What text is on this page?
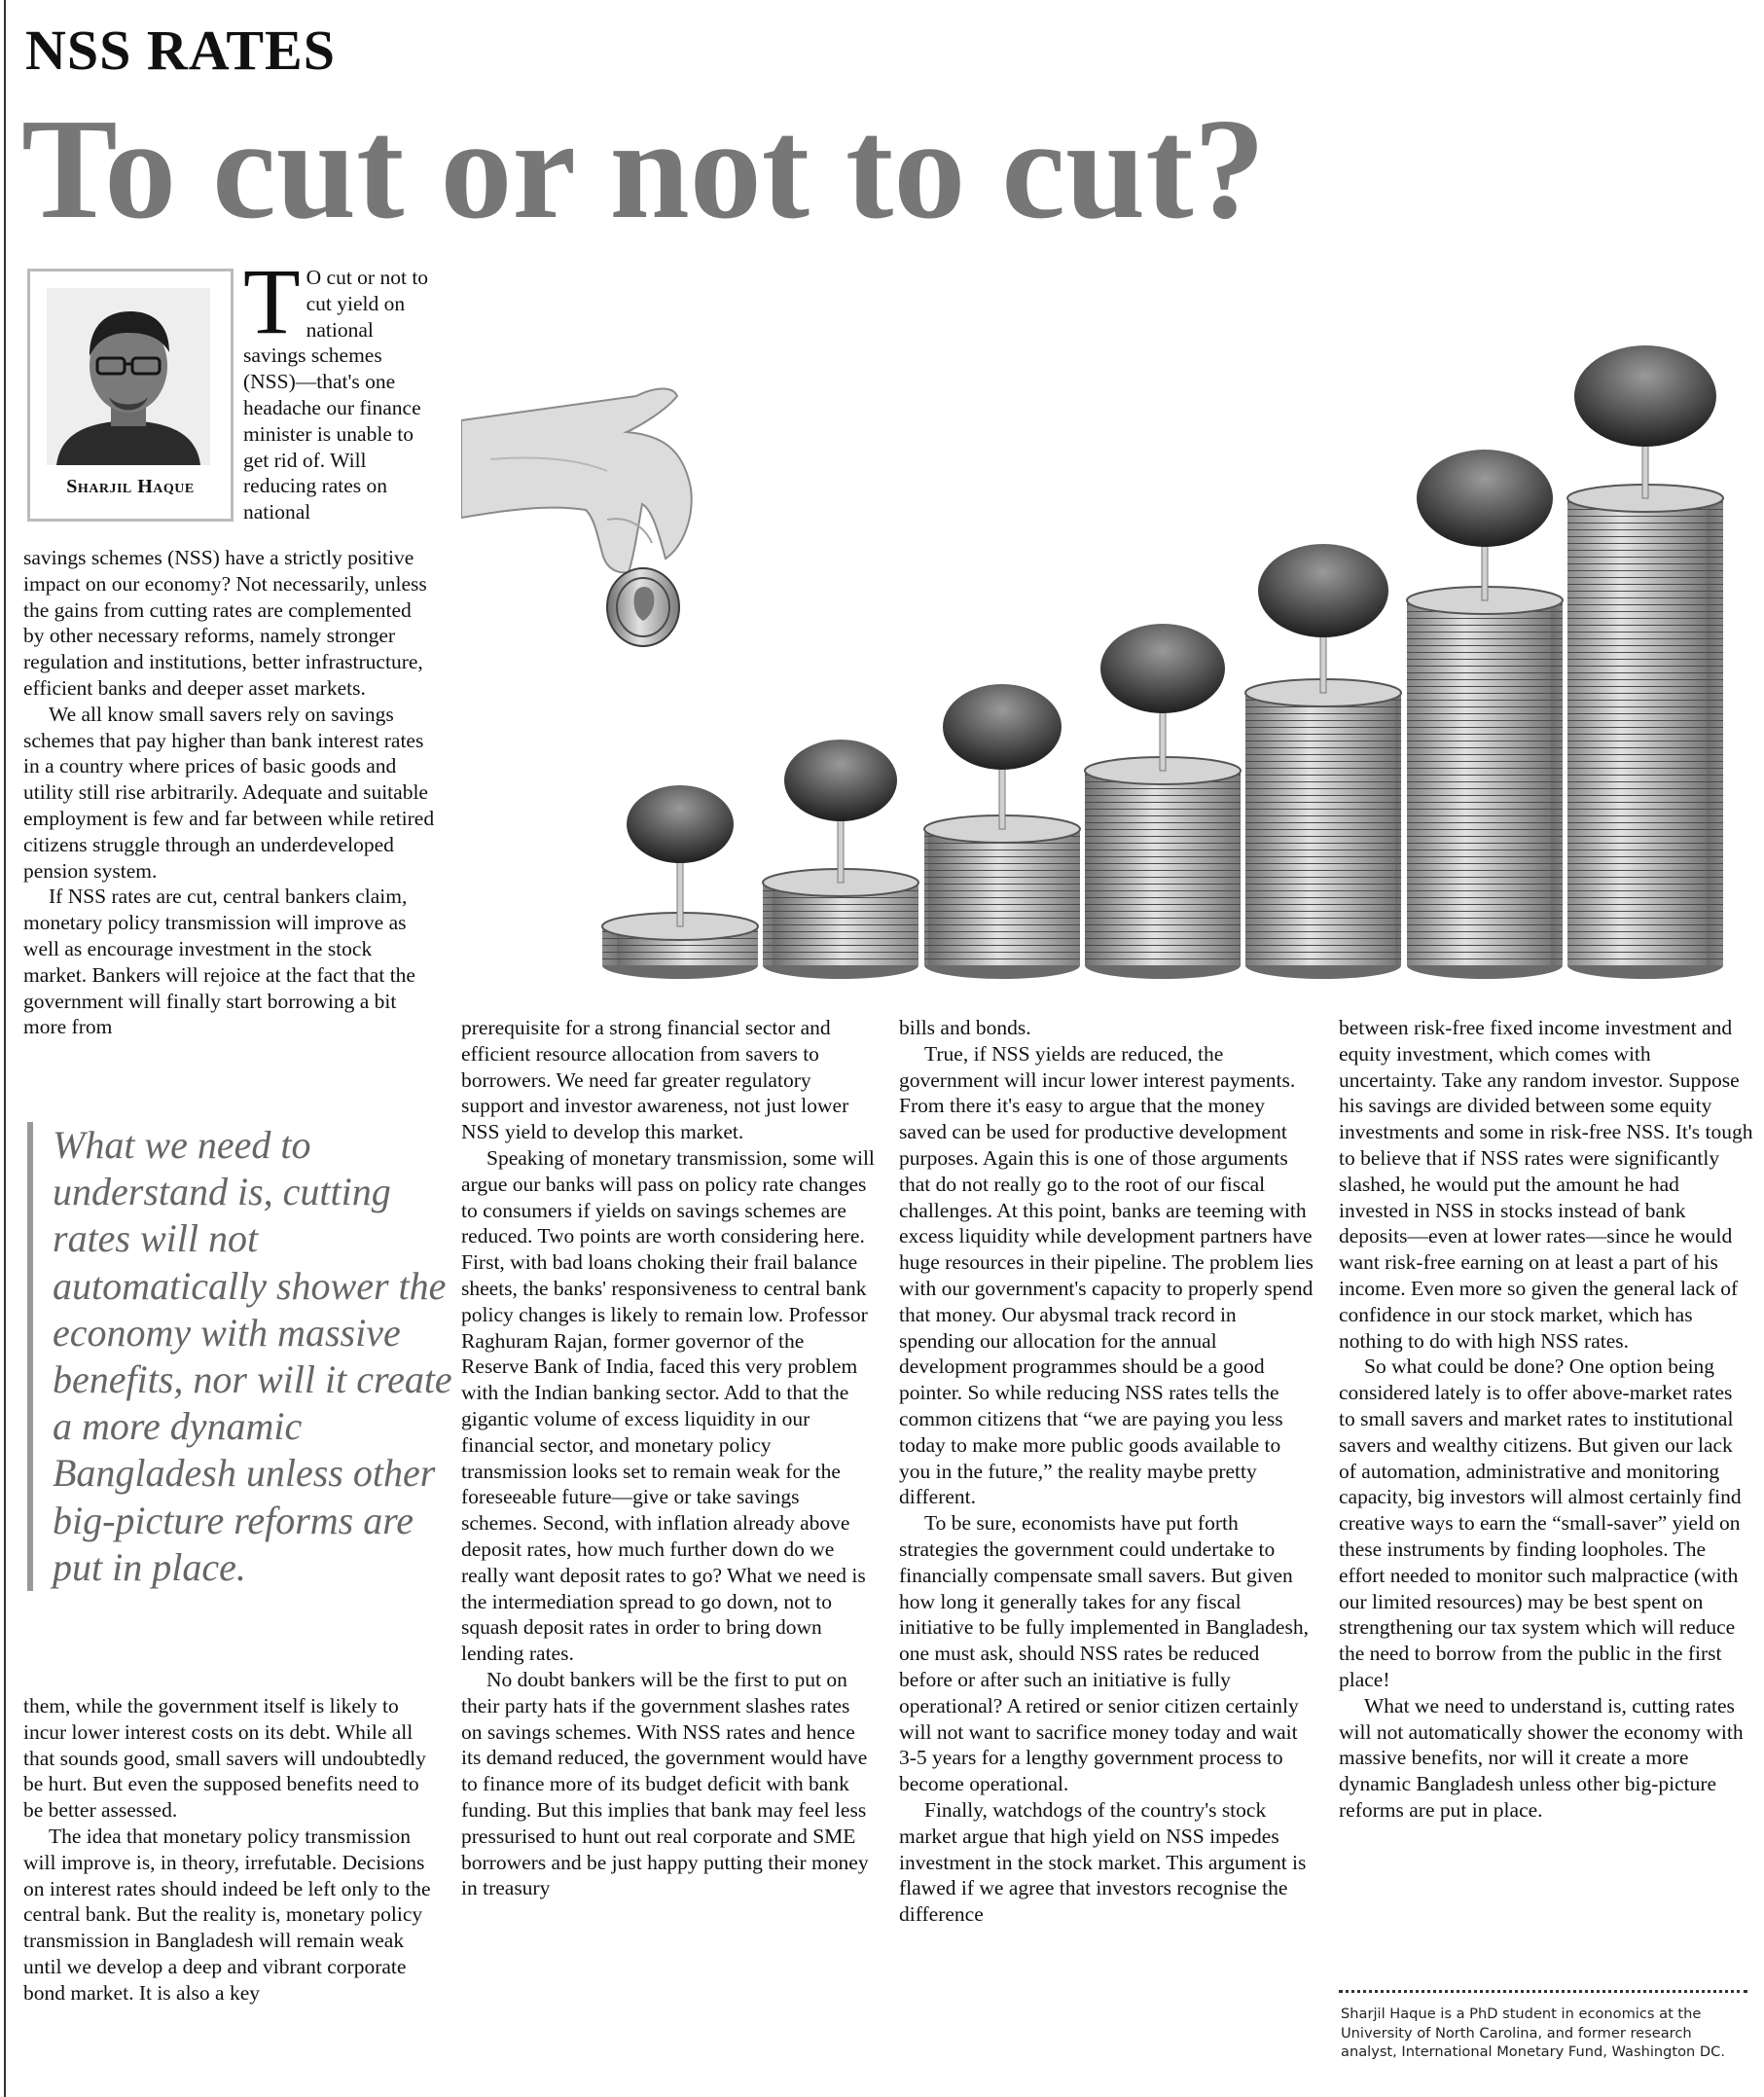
NSS RATES
To cut or not to cut?
Sharjil Haque
T O cut or not to cut yield on national savings schemes (NSS)—that's one headache our finance minister is unable to get rid of. Will reducing rates on national

savings schemes (NSS) have a strictly positive impact on our economy? Not necessarily, unless the gains from cutting rates are complemented by other necessary reforms, namely stronger regulation and institutions, better infrastructure, efficient banks and deeper asset markets.

We all know small savers rely on savings schemes that pay higher than bank interest rates in a country where prices of basic goods and utility still rise arbitrarily. Adequate and suitable employment is few and far between while retired citizens struggle through an underdeveloped pension system.

If NSS rates are cut, central bankers claim, monetary policy transmission will improve as well as encourage investment in the stock market. Bankers will rejoice at the fact that the government will finally start borrowing a bit more from

What we need to understand is, cutting rates will not automatically shower the economy with massive benefits, nor will it create a more dynamic Bangladesh unless other big-picture reforms are put in place.

them, while the government itself is likely to incur lower interest costs on its debt. While all that sounds good, small savers will undoubtedly be hurt. But even the supposed benefits need to be better assessed.

The idea that monetary policy transmission will improve is, in theory, irrefutable. Decisions on interest rates should indeed be left only to the central bank. But the reality is, monetary policy transmission in Bangladesh will remain weak until we develop a deep and vibrant corporate bond market. It is also a key

prerequisite for a strong financial sector and efficient resource allocation from savers to borrowers. We need far greater regulatory support and investor awareness, not just lower NSS yield to develop this market.

Speaking of monetary transmission, some will argue our banks will pass on policy rate changes to consumers if yields on savings schemes are reduced. Two points are worth considering here. First, with bad loans choking their frail balance sheets, the banks' responsiveness to central bank policy changes is likely to remain low. Professor Raghuram Rajan, former governor of the Reserve Bank of India, faced this very problem with the Indian banking sector. Add to that the gigantic volume of excess liquidity in our financial sector, and monetary policy transmission looks set to remain weak for the foreseeable future—give or take savings schemes. Second, with inflation already above deposit rates, how much further down do we really want deposit rates to go? What we need is the intermediation spread to go down, not to squash deposit rates in order to bring down lending rates.

No doubt bankers will be the first to put on their party hats if the government slashes rates on savings schemes. With NSS rates and hence its demand reduced, the government would have to finance more of its budget deficit with bank funding. But this implies that bank may feel less pressurised to hunt out real corporate and SME borrowers and be just happy putting their money in treasury

bills and bonds.

True, if NSS yields are reduced, the government will incur lower interest payments. From there it's easy to argue that the money saved can be used for productive development purposes. Again this is one of those arguments that do not really go to the root of our fiscal challenges. At this point, banks are teeming with excess liquidity while development partners have huge resources in their pipeline. The problem lies with our government's capacity to properly spend that money. Our abysmal track record in spending our allocation for the annual development programmes should be a good pointer. So while reducing NSS rates tells the common citizens that “we are paying you less today to make more public goods available to you in the future,” the reality maybe pretty different.

To be sure, economists have put forth strategies the government could undertake to financially compensate small savers. But given how long it generally takes for any fiscal initiative to be fully implemented in Bangladesh, one must ask, should NSS rates be reduced before or after such an initiative is fully operational? A retired or senior citizen certainly will not want to sacrifice money today and wait 3-5 years for a lengthy government process to become operational.

Finally, watchdogs of the country's stock market argue that high yield on NSS impedes investment in the stock market. This argument is flawed if we agree that investors recognise the difference

between risk-free fixed income investment and equity investment, which comes with uncertainty. Take any random investor. Suppose his savings are divided between some equity investments and some in risk-free NSS. It's tough to believe that if NSS rates were significantly slashed, he would put the amount he had invested in NSS in stocks instead of bank deposits—even at lower rates—since he would want risk-free earning on at least a part of his income. Even more so given the general lack of confidence in our stock market, which has nothing to do with high NSS rates.

So what could be done? One option being considered lately is to offer above-market rates to small savers and market rates to institutional savers and wealthy citizens. But given our lack of automation, administrative and monitoring capacity, big investors will almost certainly find creative ways to earn the “small-saver” yield on these instruments by finding loopholes. The effort needed to monitor such malpractice (with our limited resources) may be best spent on strengthening our tax system which will reduce the need to borrow from the public in the first place!

What we need to understand is, cutting rates will not automatically shower the economy with massive benefits, nor will it create a more dynamic Bangladesh unless other big-picture reforms are put in place.

Sharjil Haque is a PhD student in economics at the University of North Carolina, and former research analyst, International Monetary Fund, Washington DC.
